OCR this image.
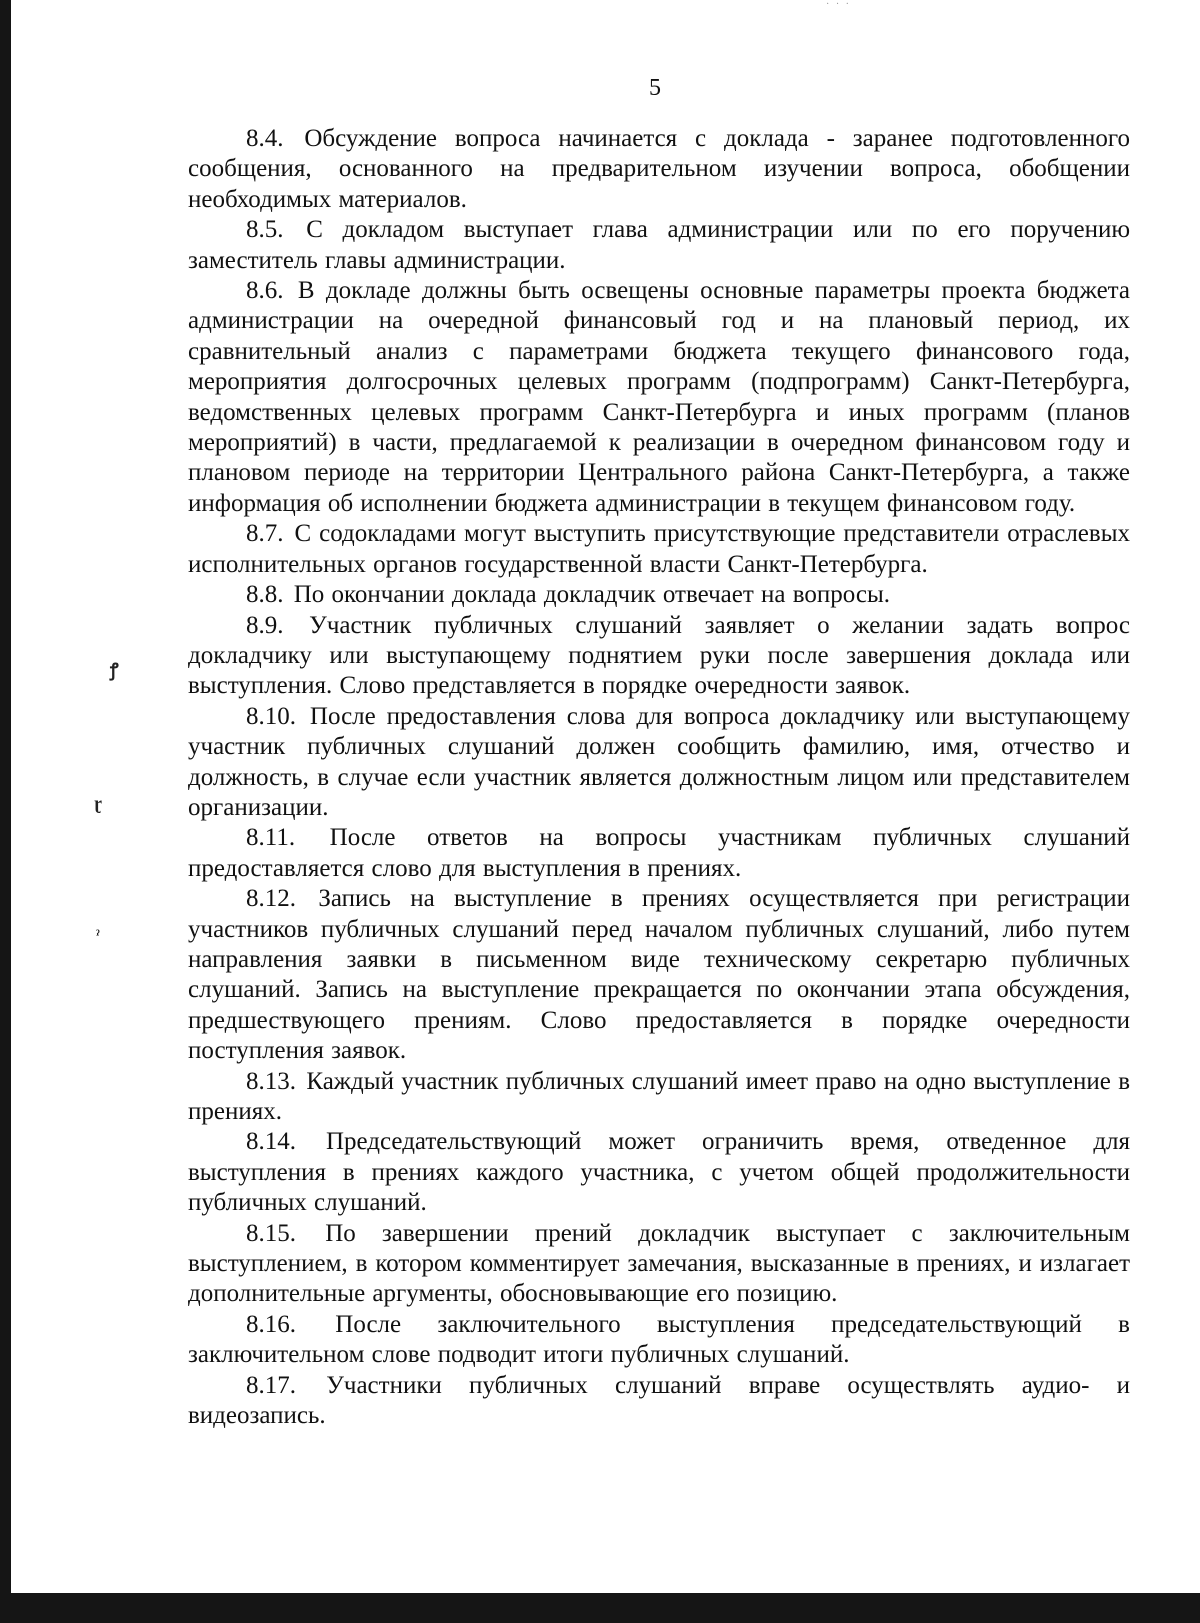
· · ·
5
ꝭ
ɽ
ˀ

8.4. Обсуждение вопроса начинается с доклада - заранее подготовленного сообщения, основанного на предварительном изучении вопроса, обобщении необходимых материалов.

8.5. С докладом выступает глава администрации или по его поручению заместитель главы администрации.

8.6. В докладе должны быть освещены основные параметры проекта бюджета администрации на очередной финансовый год и на плановый период, их сравнительный анализ с параметрами бюджета текущего финансового года, мероприятия долгосрочных целевых программ (подпрограмм) Санкт-Петербурга, ведомственных целевых программ Санкт-Петербурга и иных программ (планов мероприятий) в части, предлагаемой к реализации в очередном финансовом году и плановом периоде на территории Центрального района Санкт-Петербурга, а также информация об исполнении бюджета администрации в текущем финансовом году.

8.7. С содокладами могут выступить присутствующие представители отраслевых исполнительных органов государственной власти Санкт-Петербурга.

8.8. По окончании доклада докладчик отвечает на вопросы.

8.9. Участник публичных слушаний заявляет о желании задать вопрос докладчику или выступающему поднятием руки после завершения доклада или выступления. Слово представляется в порядке очередности заявок.

8.10. После предоставления слова для вопроса докладчику или выступающему участник публичных слушаний должен сообщить фамилию, имя, отчество и должность, в случае если участник является должностным лицом или представителем организации.

8.11. После ответов на вопросы участникам публичных слушаний предоставляется слово для выступления в прениях.

8.12. Запись на выступление в прениях осуществляется при регистрации участников публичных слушаний перед началом публичных слушаний, либо путем направления заявки в письменном виде техническому секретарю публичных слушаний. Запись на выступление прекращается по окончании этапа обсуждения, предшествующего прениям. Слово предоставляется в порядке очередности поступления заявок.

8.13. Каждый участник публичных слушаний имеет право на одно выступление в прениях.

8.14. Председательствующий может ограничить время, отведенное для выступления в прениях каждого участника, с учетом общей продолжительности публичных слушаний.

8.15. По завершении прений докладчик выступает с заключительным выступлением, в котором комментирует замечания, высказанные в прениях, и излагает дополнительные аргументы, обосновывающие его позицию.

8.16. После заключительного выступления председательствующий в заключительном слове подводит итоги публичных слушаний.

8.17. Участники публичных слушаний вправе осуществлять аудио- и видеозапись.
